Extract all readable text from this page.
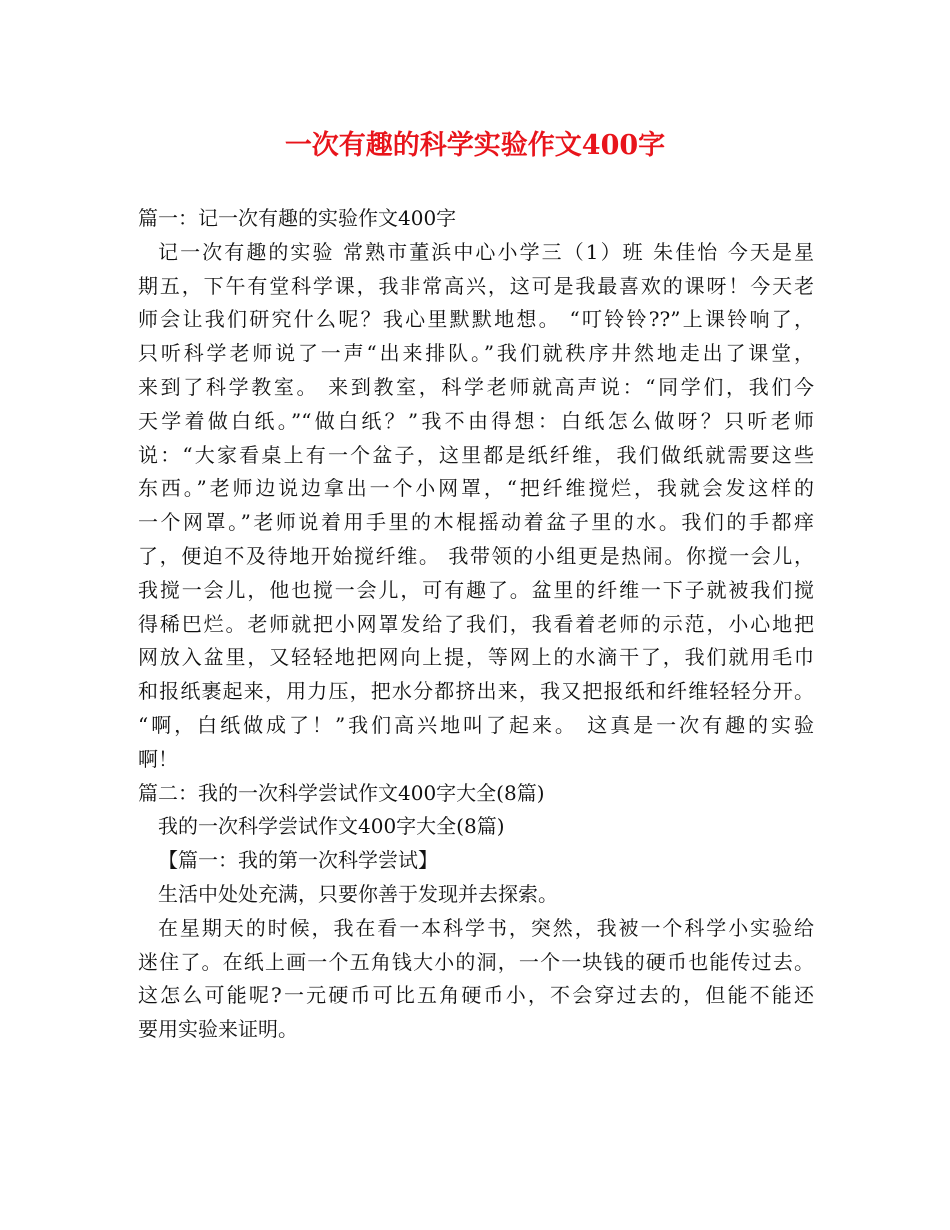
一次有趣的科学实验作文400字

篇一：记一次有趣的实验作文400字

记一次有趣的实验 常熟市董浜中心小学三（1）班 朱佳怡 今天是星
期五，下午有堂科学课，我非常高兴，这可是我最喜欢的课呀！今天老
师会让我们研究什么呢？我心里默默地想。 “叮铃铃??”上课铃响了，
只听科学老师说了一声“出来排队。”我们就秩序井然地走出了课堂，
来到了科学教室。 来到教室，科学老师就高声说：“同学们，我们今
天学着做白纸。”“做白纸？”我不由得想：白纸怎么做呀？只听老师
说：“大家看桌上有一个盆子，这里都是纸纤维，我们做纸就需要这些
东西。”老师边说边拿出一个小网罩，“把纤维搅烂，我就会发这样的
一个网罩。”老师说着用手里的木棍摇动着盆子里的水。我们的手都痒
了，便迫不及待地开始搅纤维。 我带领的小组更是热闹。你搅一会儿，
我搅一会儿，他也搅一会儿，可有趣了。盆里的纤维一下子就被我们搅
得稀巴烂。老师就把小网罩发给了我们，我看着老师的示范，小心地把
网放入盆里，又轻轻地把网向上提，等网上的水滴干了，我们就用毛巾
和报纸裹起来，用力压，把水分都挤出来，我又把报纸和纤维轻轻分开。
“啊，白纸做成了！”我们高兴地叫了起来。 这真是一次有趣的实验
啊！

篇二：我的一次科学尝试作文400字大全(8篇)

我的一次科学尝试作文400字大全(8篇)

【篇一：我的第一次科学尝试】

生活中处处充满，只要你善于发现并去探索。

在星期天的时候，我在看一本科学书，突然，我被一个科学小实验给
迷住了。在纸上画一个五角钱大小的洞，一个一块钱的硬币也能传过去。
这怎么可能呢?一元硬币可比五角硬币小，不会穿过去的，但能不能还
要用实验来证明。
